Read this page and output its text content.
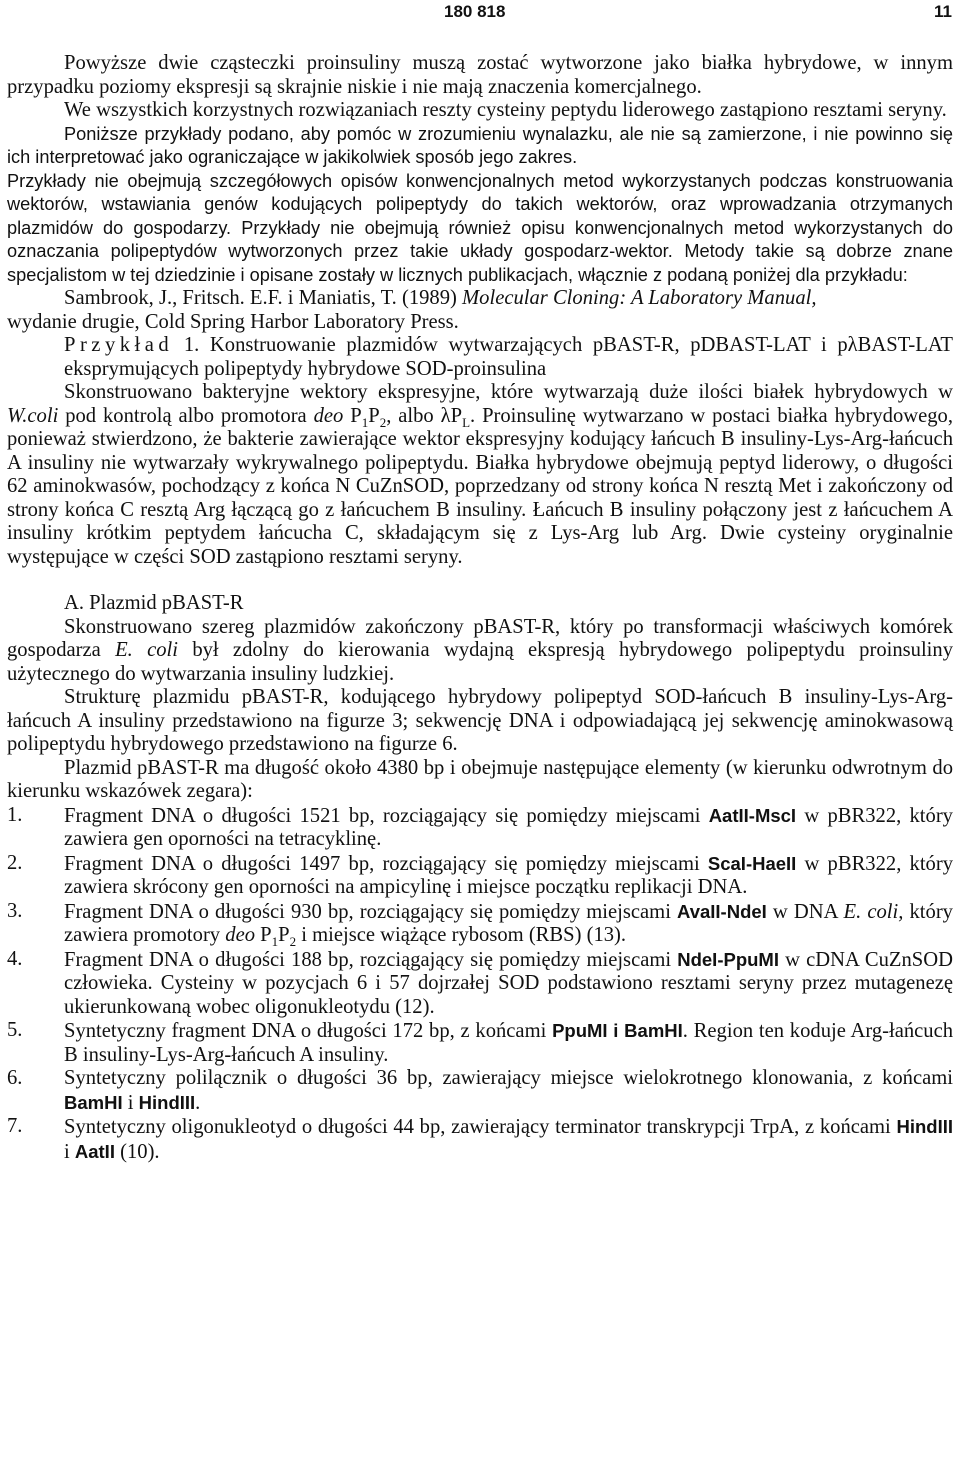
180 818	11

Powyższe dwie cząsteczki proinsuliny muszą zostać wytworzone jako białka hybrydowe, w innym przypadku poziomy ekspresji są skrajnie niskie i nie mają znaczenia komercjalnego.

We wszystkich korzystnych rozwiązaniach reszty cysteiny peptydu liderowego zastąpiono resztami seryny.

Poniższe przykłady podano, aby pomóc w zrozumieniu wynalazku, ale nie są zamierzone, i nie powinno się ich interpretować jako ograniczające w jakikolwiek sposób jego zakres.

Przykłady nie obejmują szczegółowych opisów konwencjonalnych metod wykorzystanych podczas konstruowania wektorów, wstawiania genów kodujących polipeptydy do takich wektorów, oraz wprowadzania otrzymanych plazmidów do gospodarzy. Przykłady nie obejmują również opisu konwencjonalnych metod wykorzystanych do oznaczania polipeptydów wytworzonych przez takie układy gospodarz-wektor. Metody takie są dobrze znane specjalistom w tej dziedzinie i opisane zostały w licznych publikacjach, włącznie z podaną poniżej dla przykładu:

Sambrook, J., Fritsch. E.F. i Maniatis, T. (1989) Molecular Cloning: A Laboratory Manual,

wydanie drugie, Cold Spring Harbor Laboratory Press.

Przykład 1. Konstruowanie plazmidów wytwarzających pBAST-R, pDBAST-LAT i pλBAST-LAT eksprymujących polipeptydy hybrydowe SOD-proinsulina

Skonstruowano bakteryjne wektory ekspresyjne, które wytwarzają duże ilości białek hybrydowych w W.coli pod kontrolą albo promotora deo $P_1P_2$, albo $\lambda P_L$. Proinsulinę wytwarzano w postaci białka hybrydowego, ponieważ stwierdzono, że bakterie zawierające wektor ekspresyjny kodujący łańcuch B insuliny-Lys-Arg-łańcuch A insuliny nie wytwarzały wykrywalnego polipeptydu. Białka hybrydowe obejmują peptyd liderowy, o długości 62 aminokwasów, pochodzący z końca N CuZnSOD, poprzedzany od strony końca N resztą Met i zakończony od strony końca C resztą Arg łączącą go z łańcuchem B insuliny. Łańcuch B insuliny połączony jest z łańcuchem A insuliny krótkim peptydem łańcucha C, składającym się z Lys-Arg lub Arg. Dwie cysteiny oryginalnie występujące w części SOD zastąpiono resztami seryny.

A. Plazmid pBAST-R

Skonstruowano szereg plazmidów zakończony pBAST-R, który po transformacji właściwych komórek gospodarza E. coli był zdolny do kierowania wydajną ekspresją hybrydowego polipeptydu proinsuliny użytecznego do wytwarzania insuliny ludzkiej.

Strukturę plazmidu pBAST-R, kodującego hybrydowy polipeptyd SOD-łańcuch B insuliny-Lys-Arg-łańcuch A insuliny przedstawiono na figurze 3; sekwencję DNA i odpowiadającą jej sekwencję aminokwasową polipeptydu hybrydowego przedstawiono na figurze 6.

Plazmid pBAST-R ma długość około 4380 bp i obejmuje następujące elementy (w kierunku odwrotnym do kierunku wskazówek zegara):

1. Fragment DNA o długości 1521 bp, rozciągający się pomiędzy miejscami AatII-MscI w pBR322, który zawiera gen oporności na tetracyklinę.
2. Fragment DNA o długości 1497 bp, rozciągający się pomiędzy miejscami ScaI-HaeII w pBR322, który zawiera skrócony gen oporności na ampicylinę i miejsce początku replikacji DNA.
3. Fragment DNA o długości 930 bp, rozciągający się pomiędzy miejscami AvaII-NdeI w DNA E. coli, który zawiera promotory deo $P_1P_2$ i miejsce wiążące rybosom (RBS) (13).
4. Fragment DNA o długości 188 bp, rozciągający się pomiędzy miejscami NdeI-PpuMI w cDNA CuZnSOD człowieka. Cysteiny w pozycjach 6 i 57 dojrzałej SOD podstawiono resztami seryny przez mutagenezę ukierunkowaną wobec oligonukleotydu (12).
5. Syntetyczny fragment DNA o długości 172 bp, z końcami PpuMI i BamHI. Region ten koduje Arg-łańcuch B insuliny-Lys-Arg-łańcuch A insuliny.
6. Syntetyczny polilącznik o długości 36 bp, zawierający miejsce wielokrotnego klonowania, z końcami BamHI i HindIII.
7. Syntetyczny oligonukleotyd o długości 44 bp, zawierający terminator transkrypcji TrpA, z końcami HindIII i AatII (10).
